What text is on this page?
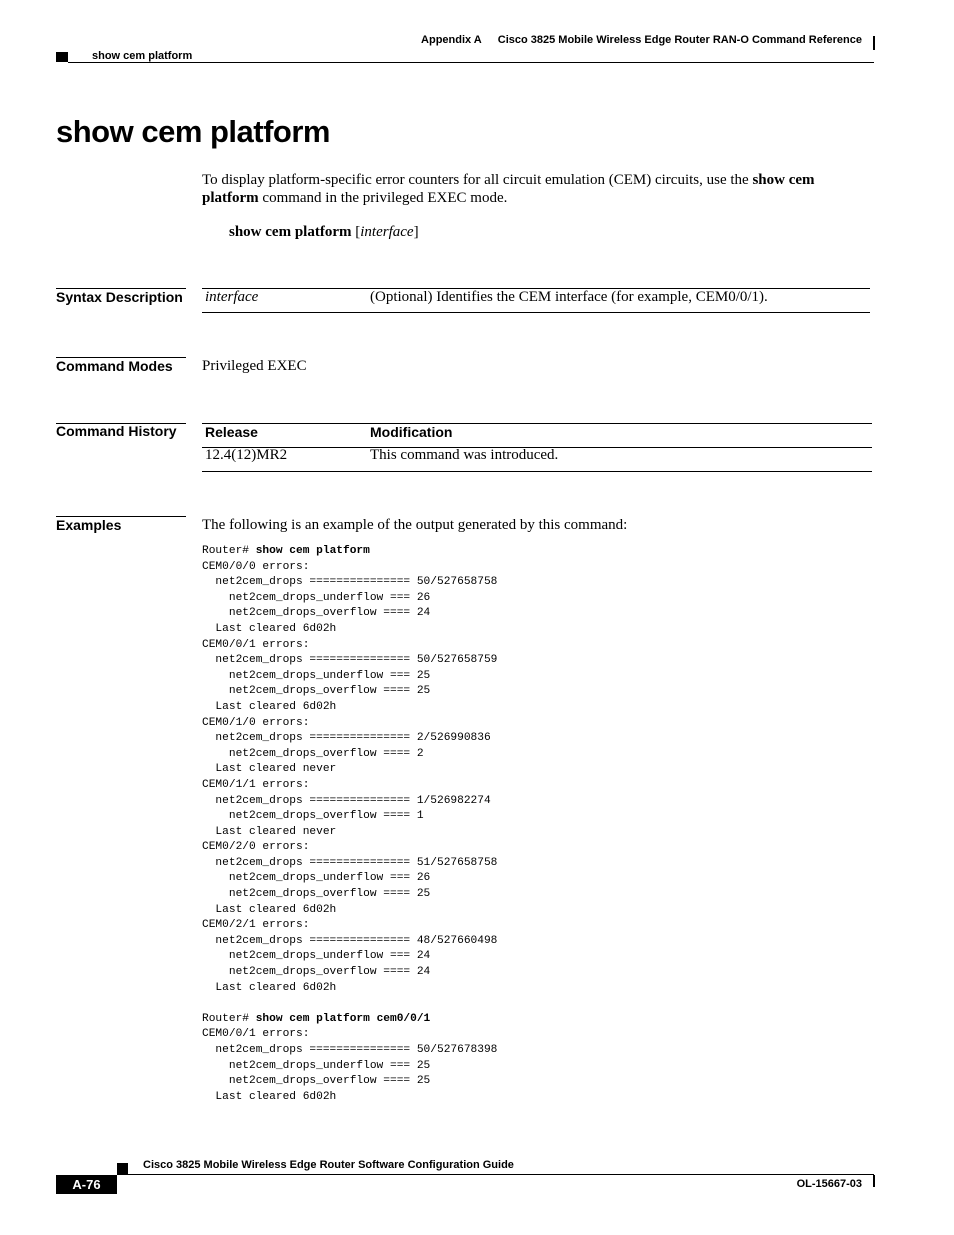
Appendix A Cisco 3825 Mobile Wireless Edge Router RAN-O Command Reference
show cem platform
show cem platform
To display platform-specific error counters for all circuit emulation (CEM) circuits, use the show cem
platform command in the privileged EXEC mode.
show cem platform [interface]
Syntax Description interface	(Optional) Identifies the CEM interface (for example, CEM0/0/1).
Command Modes Privileged EXEC
Command History Release	Modification
12.4(12)MR2	This command was introduced.
Examples	The following is an example of the output generated by this command:
Router# show cem platform
CEM0/0/0 errors:
net2cem_drops =============== 50/527658758
net2cem_drops_underflow === 26
net2cem_drops_overflow ==== 24
Last cleared 6d02h
CEM0/0/1 errors:
net2cem_drops =============== 50/527658759
net2cem_drops_underflow === 25
net2cem_drops_overflow ==== 25
Last cleared 6d02h
CEM0/1/0 errors:
net2cem_drops =============== 2/526990836
net2cem_drops_overflow ==== 2
Last cleared never
CEM0/1/1 errors:
net2cem_drops =============== 1/526982274
net2cem_drops_overflow ==== 1
Last cleared never
CEM0/2/0 errors:
net2cem_drops =============== 51/527658758
net2cem_drops_underflow === 26
net2cem_drops_overflow ==== 25
Last cleared 6d02h
CEM0/2/1 errors:
net2cem_drops =============== 48/527660498
net2cem_drops_underflow === 24
net2cem_drops_overflow ==== 24
Last cleared 6d02h
Router# show cem platform cem0/0/1
CEM0/0/1 errors:
net2cem_drops =============== 50/527678398
net2cem_drops_underflow === 25
net2cem_drops_overflow ==== 25
Last cleared 6d02h
Cisco 3825 Mobile Wireless Edge Router Software Configuration Guide
A-76	OL-15667-03
